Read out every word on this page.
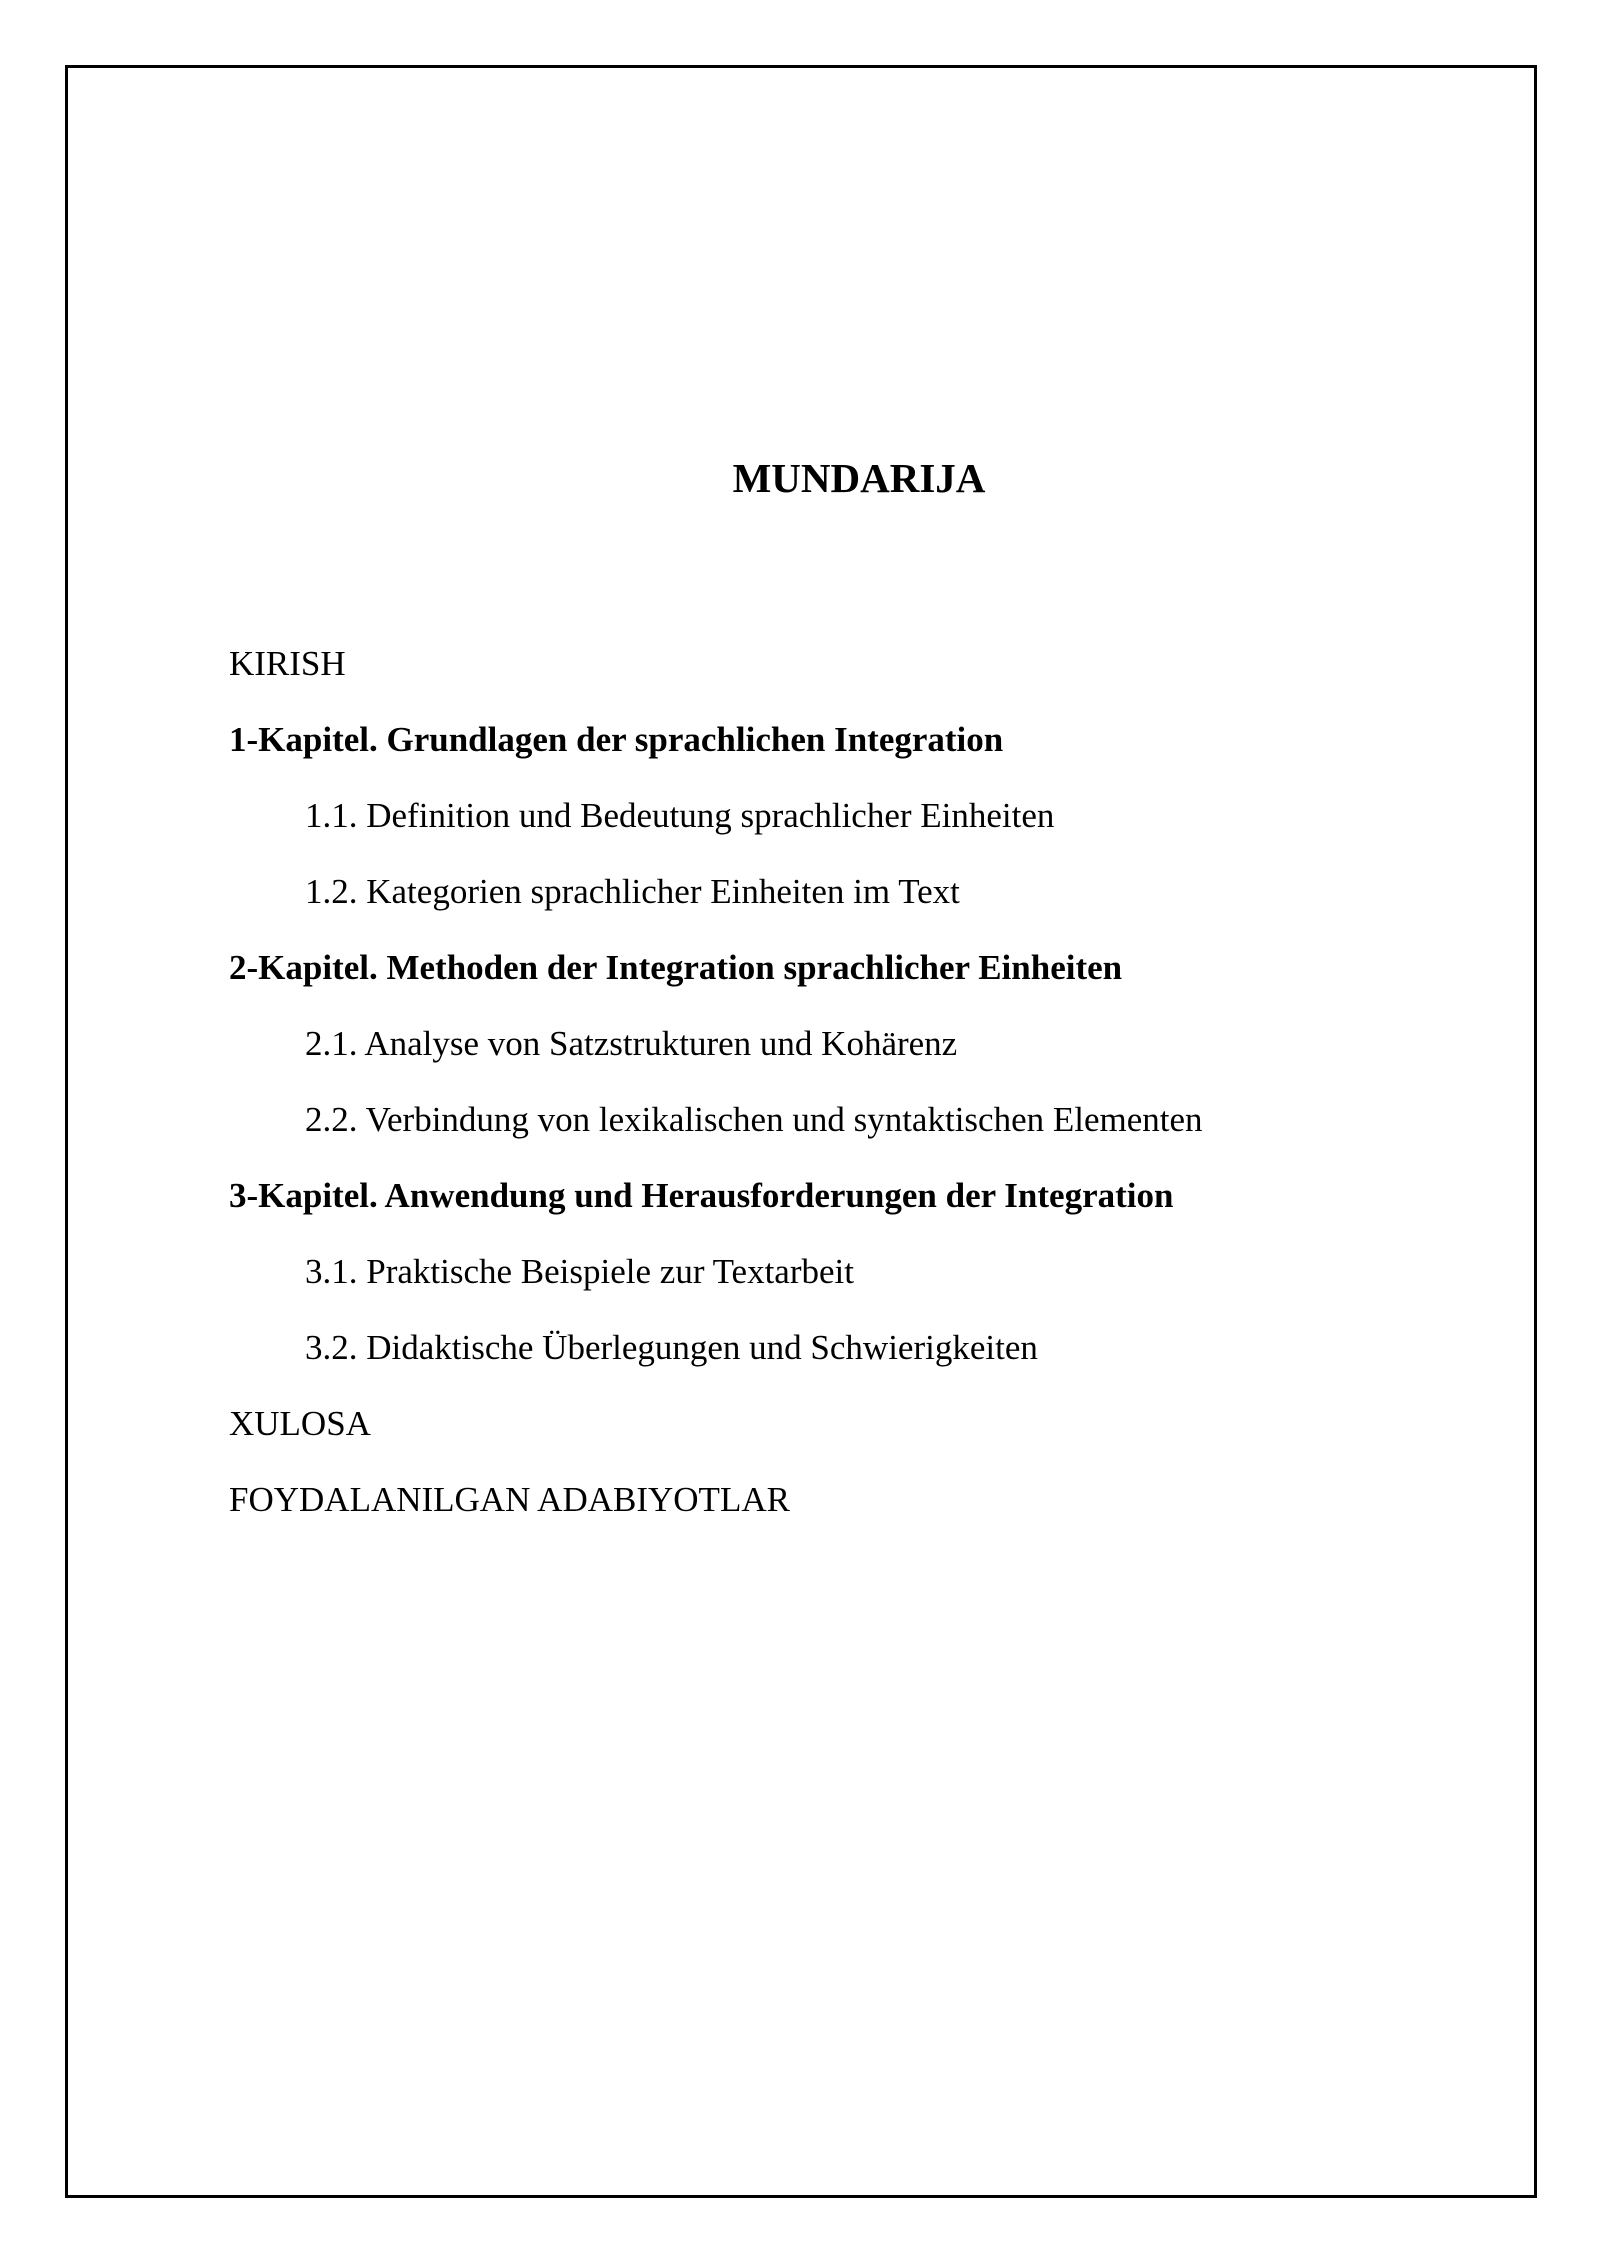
MUNDARIJA
KIRISH
1-Kapitel. Grundlagen der sprachlichen Integration
1.1. Definition und Bedeutung sprachlicher Einheiten
1.2. Kategorien sprachlicher Einheiten im Text
2-Kapitel. Methoden der Integration sprachlicher Einheiten
2.1. Analyse von Satzstrukturen und Kohärenz
2.2. Verbindung von lexikalischen und syntaktischen Elementen
3-Kapitel. Anwendung und Herausforderungen der Integration
3.1. Praktische Beispiele zur Textarbeit
3.2. Didaktische Überlegungen und Schwierigkeiten
XULOSA
FOYDALANILGAN ADABIYOTLAR
